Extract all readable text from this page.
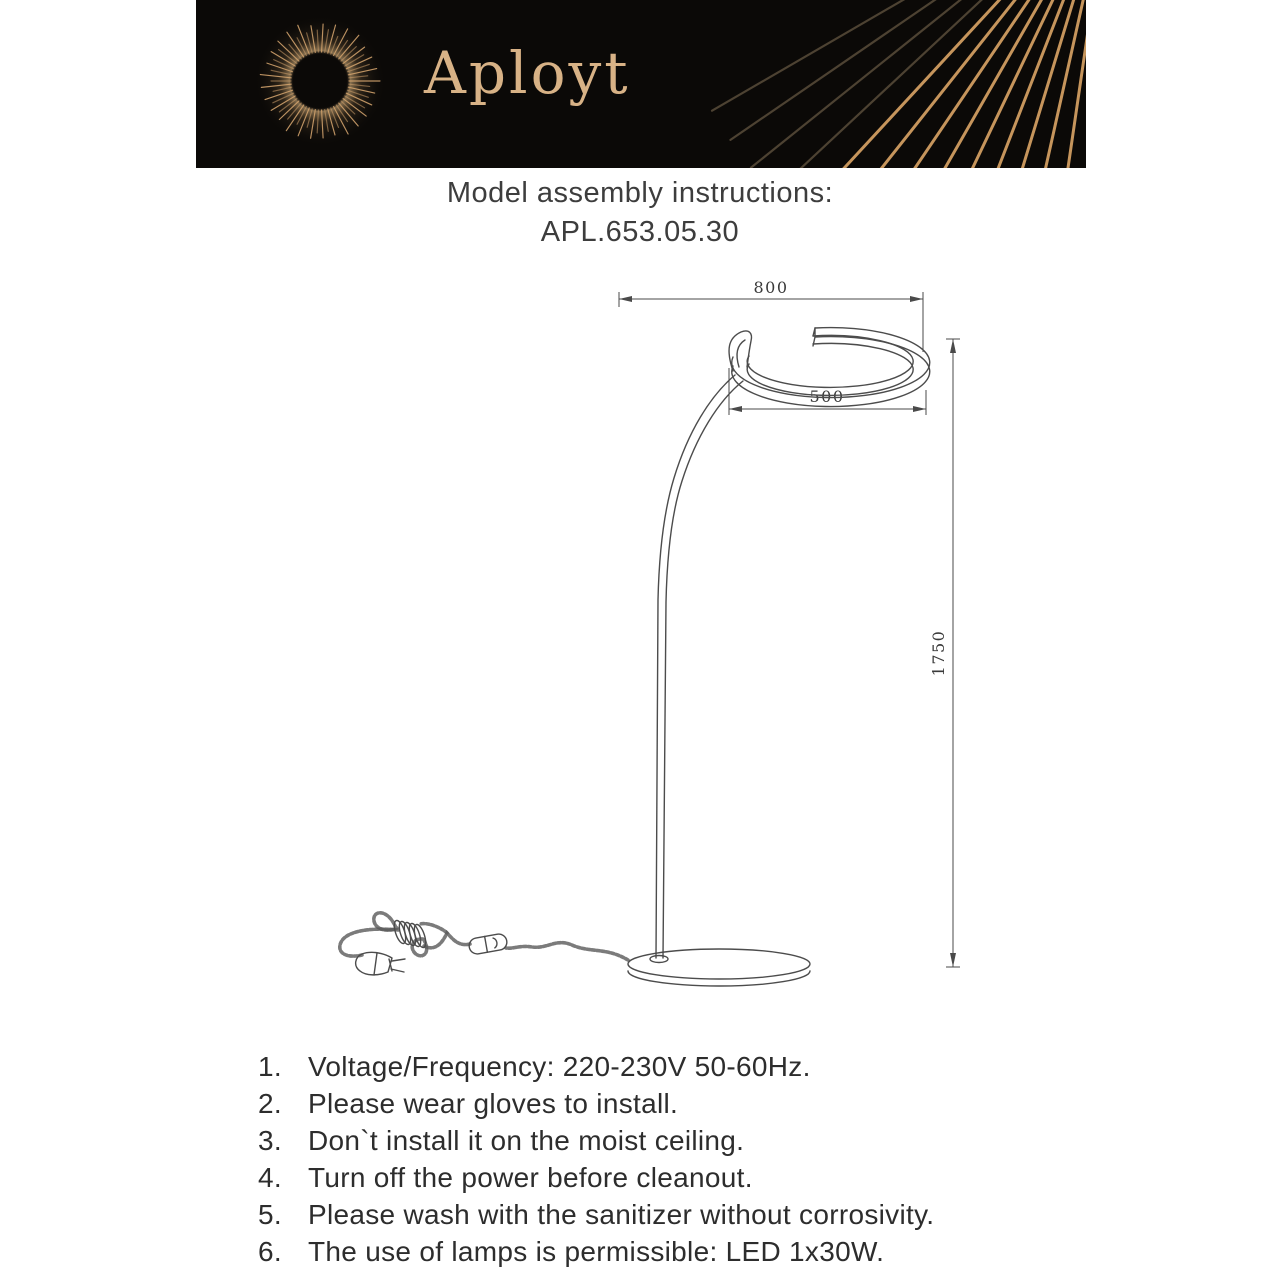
Aployt
Model assembly instructions:
APL.653.05.30
800
500
1750
1. Voltage/Frequency: 220-230V 50-60Hz.
2. Please wear gloves to install.
3. Don`t install it on the moist ceiling.
4. Turn off the power before cleanout.
5. Please wash with the sanitizer without corrosivity.
6. The use of lamps is permissible: LED 1x30W.
